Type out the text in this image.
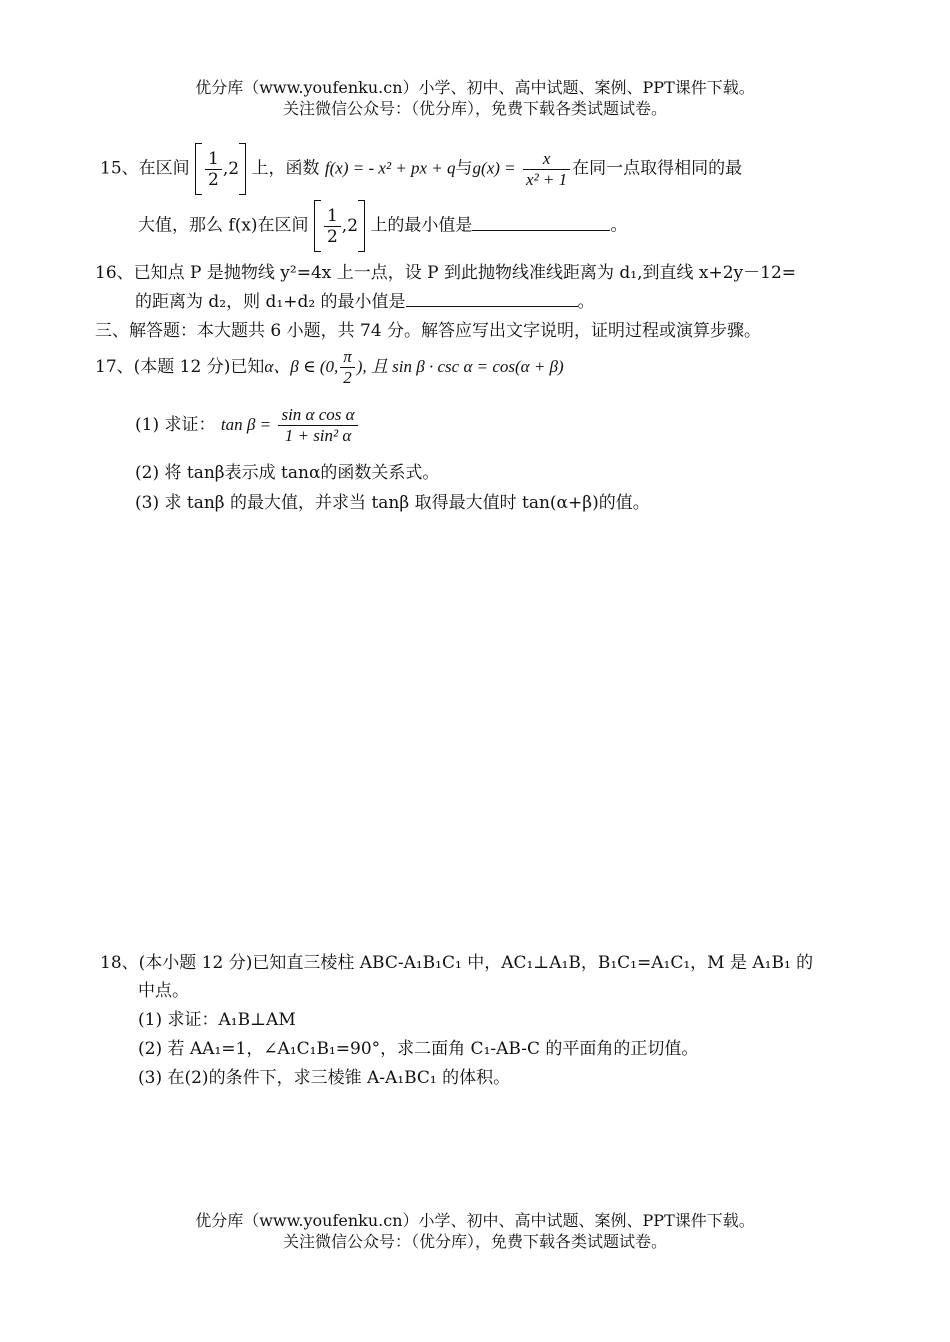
优分库（www.youfenku.cn）小学、初中、高中试题、案例、PPT课件下载。
关注微信公众号：（优分库），免费下载各类试题试卷。
15、在区间 $\frac{1}{2} ,2$ 上，函数 f(x) = - x² + px + q与$g(x) = \frac{x}{\text{x² + 1}}$ 在同一点取得相同的最
大值，那么 f(x)在区间 $\frac{1}{2} ,2$ 上的最小值是	。
16、已知点 P 是抛物线 y²=4x 上一点，设 P 到此抛物线准线距离为 d₁,到直线 x+2y－12=
的距离为 d₂，则 d₁+d₂ 的最小值是	。
三、解答题：本大题共 6 小题，共 74 分。解答应写出文字说明，证明过程或演算步骤。
17、(本题 12 分)已知α、β ∈ (0, $\frac{\pi}{2}$ ), 且 sin β · csc α = cos(α + β)
(1) 求证： $\tan \beta = \frac{\text{sin α cos α}}{\text{1 + sin² α}}$
(2) 将 tanβ表示成 tanα的函数关系式。
(3) 求 tanβ 的最大值，并求当 tanβ 取得最大值时 tan(α+β)的值。
18、(本小题 12 分)已知直三棱柱 ABC-A₁B₁C₁ 中，AC₁⊥A₁B，B₁C₁=A₁C₁，M 是 A₁B₁ 的
中点。
(1) 求证：A₁B⊥AM
(2) 若 AA₁=1，∠A₁C₁B₁=90°，求二面角 C₁-AB-C 的平面角的正切值。
(3) 在(2)的条件下，求三棱锥 A-A₁BC₁ 的体积。
优分库（www.youfenku.cn）小学、初中、高中试题、案例、PPT课件下载。
关注微信公众号：（优分库），免费下载各类试题试卷。
